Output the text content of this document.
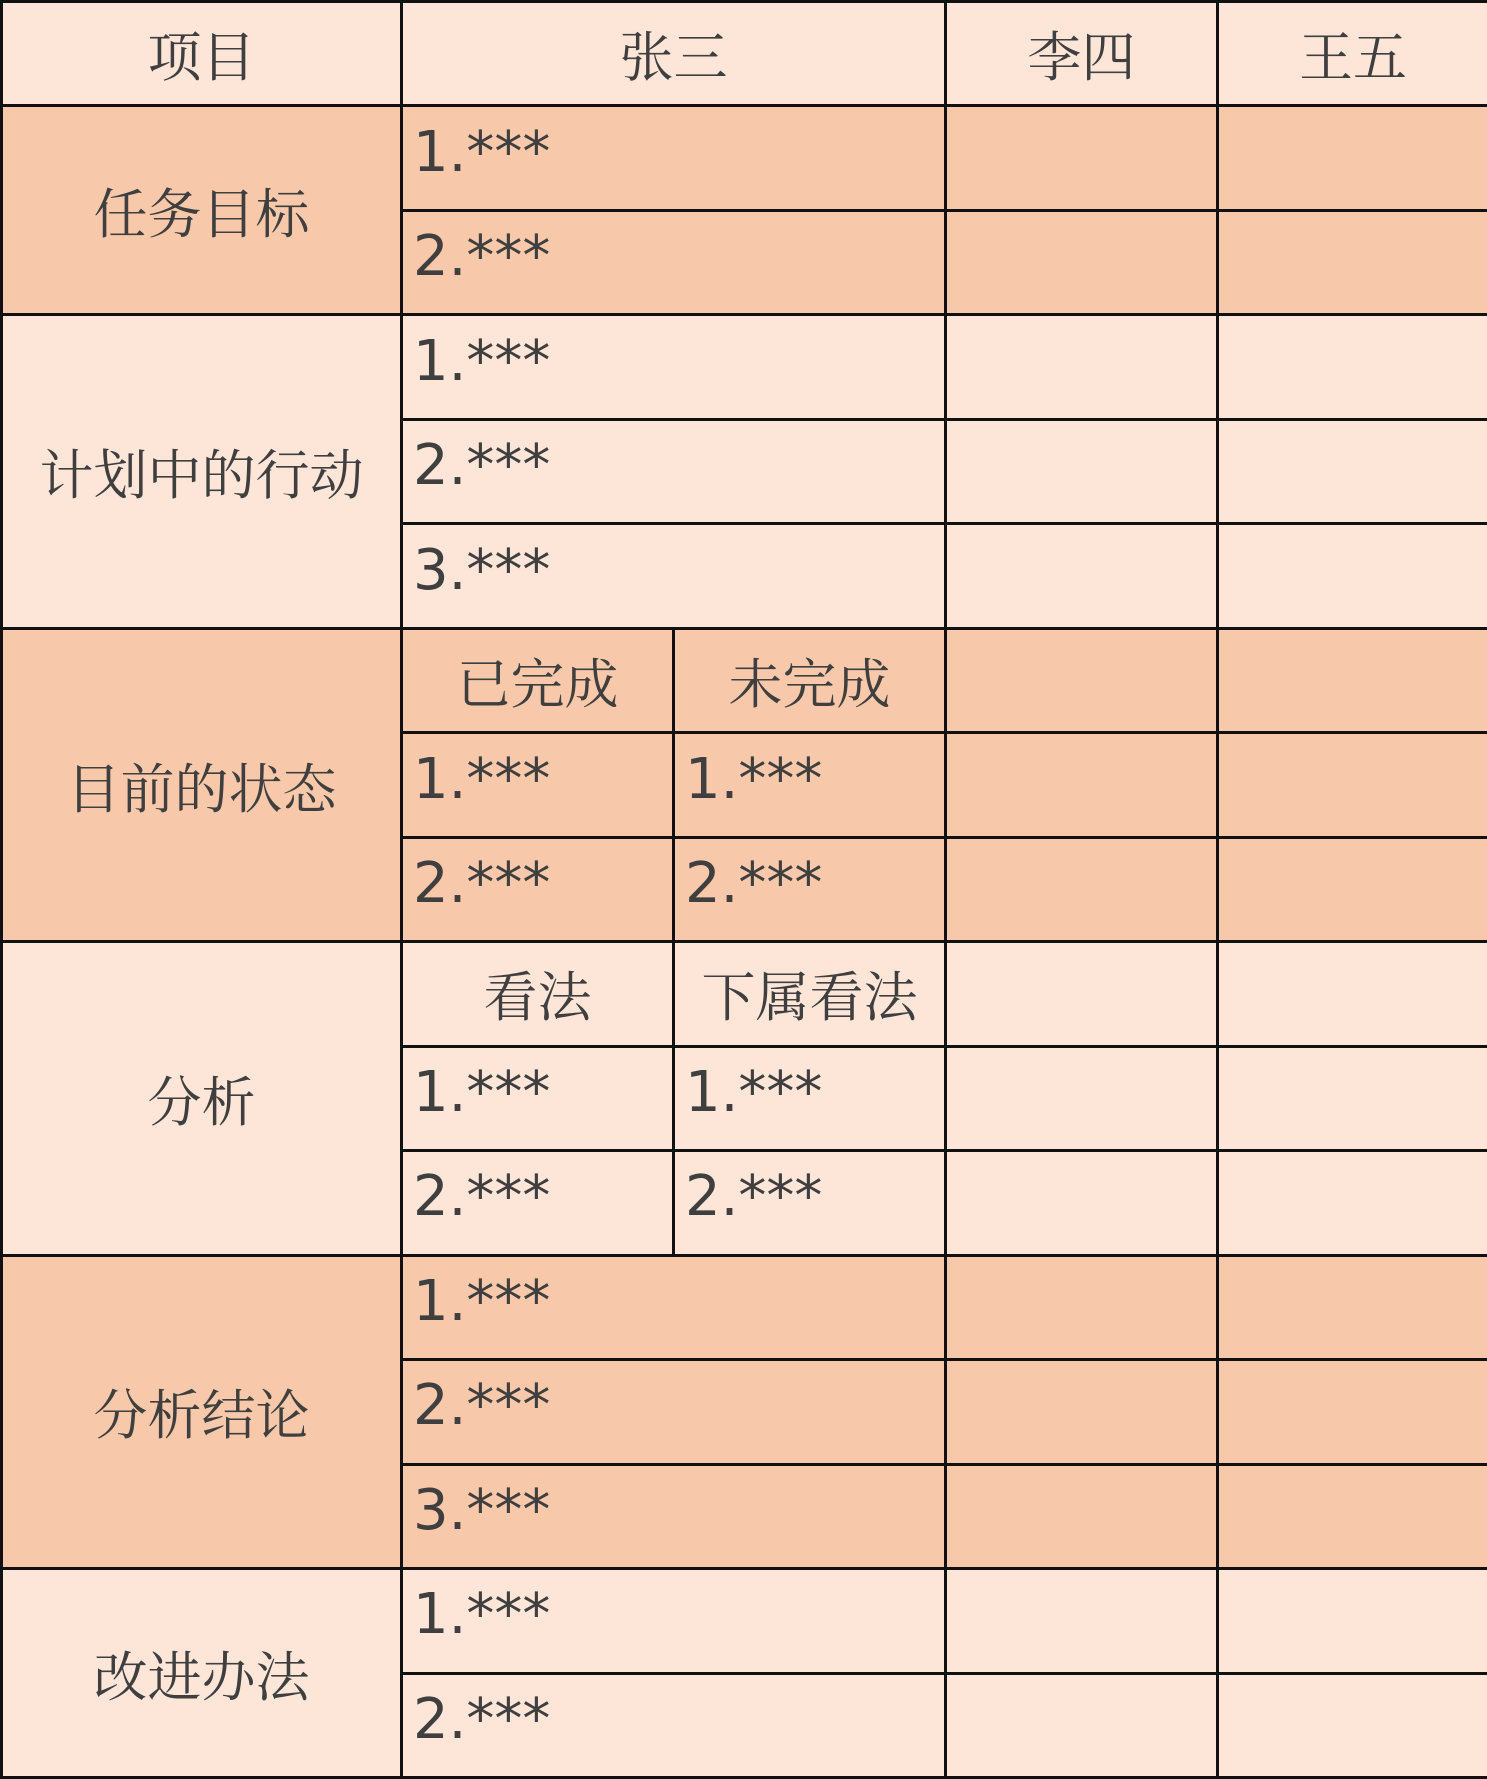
项目	张三		李四	王五
任务目标	1.***			
	2.***			
计划中的行动	1.***			
	2.***			
	3.***			
目前的状态	已完成	未完成		
	1.***	1.***		
	2.***	2.***		
分析	看法	下属看法		
	1.***	1.***		
	2.***	2.***		
分析结论	1.***			
	2.***			
	3.***			
改进办法	1.***			
	2.***			
